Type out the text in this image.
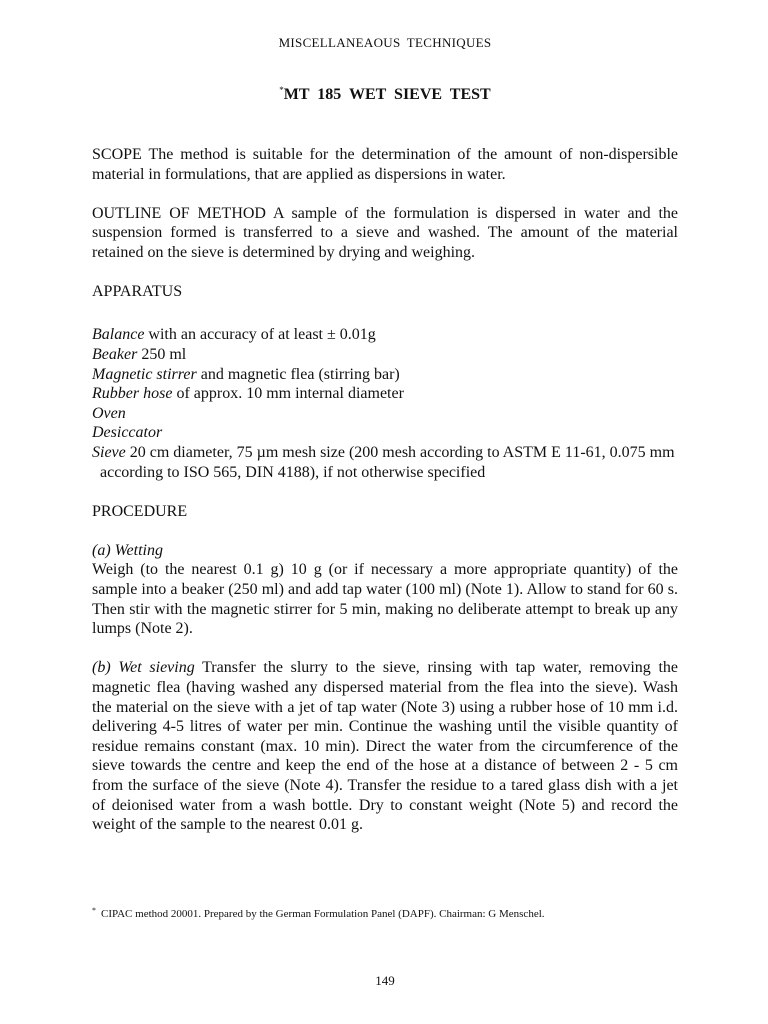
MISCELLANEAOUS TECHNIQUES
*MT 185 WET SIEVE TEST

SCOPE The method is suitable for the determination of the amount of non-dispersible material in formulations, that are applied as dispersions in water.

OUTLINE OF METHOD A sample of the formulation is dispersed in water and the suspension formed is transferred to a sieve and washed. The amount of the material retained on the sieve is determined by drying and weighing.

APPARATUS

Balance with an accuracy of at least ± 0.01g

Beaker 250 ml

Magnetic stirrer and magnetic flea (stirring bar)

Rubber hose of approx. 10 mm internal diameter

Oven

Desiccator

Sieve 20 cm diameter, 75 µm mesh size (200 mesh according to ASTM E 11-61, 0.075 mm according to ISO 565, DIN 4188), if not otherwise specified

PROCEDURE

(a) Wetting

Weigh (to the nearest 0.1 g) 10 g (or if necessary a more appropriate quantity) of the sample into a beaker (250 ml) and add tap water (100 ml) (Note 1). Allow to stand for 60 s. Then stir with the magnetic stirrer for 5 min, making no deliberate attempt to break up any lumps (Note 2).

(b) Wet sieving Transfer the slurry to the sieve, rinsing with tap water, removing the magnetic flea (having washed any dispersed material from the flea into the sieve). Wash the material on the sieve with a jet of tap water (Note 3) using a rubber hose of 10 mm i.d. delivering 4-5 litres of water per min. Continue the washing until the visible quantity of residue remains constant (max. 10 min). Direct the water from the circumference of the sieve towards the centre and keep the end of the hose at a distance of between 2 - 5 cm from the surface of the sieve (Note 4). Transfer the residue to a tared glass dish with a jet of deionised water from a wash bottle. Dry to constant weight (Note 5) and record the weight of the sample to the nearest 0.01 g.

* CIPAC method 20001. Prepared by the German Formulation Panel (DAPF). Chairman: G Menschel.
149
